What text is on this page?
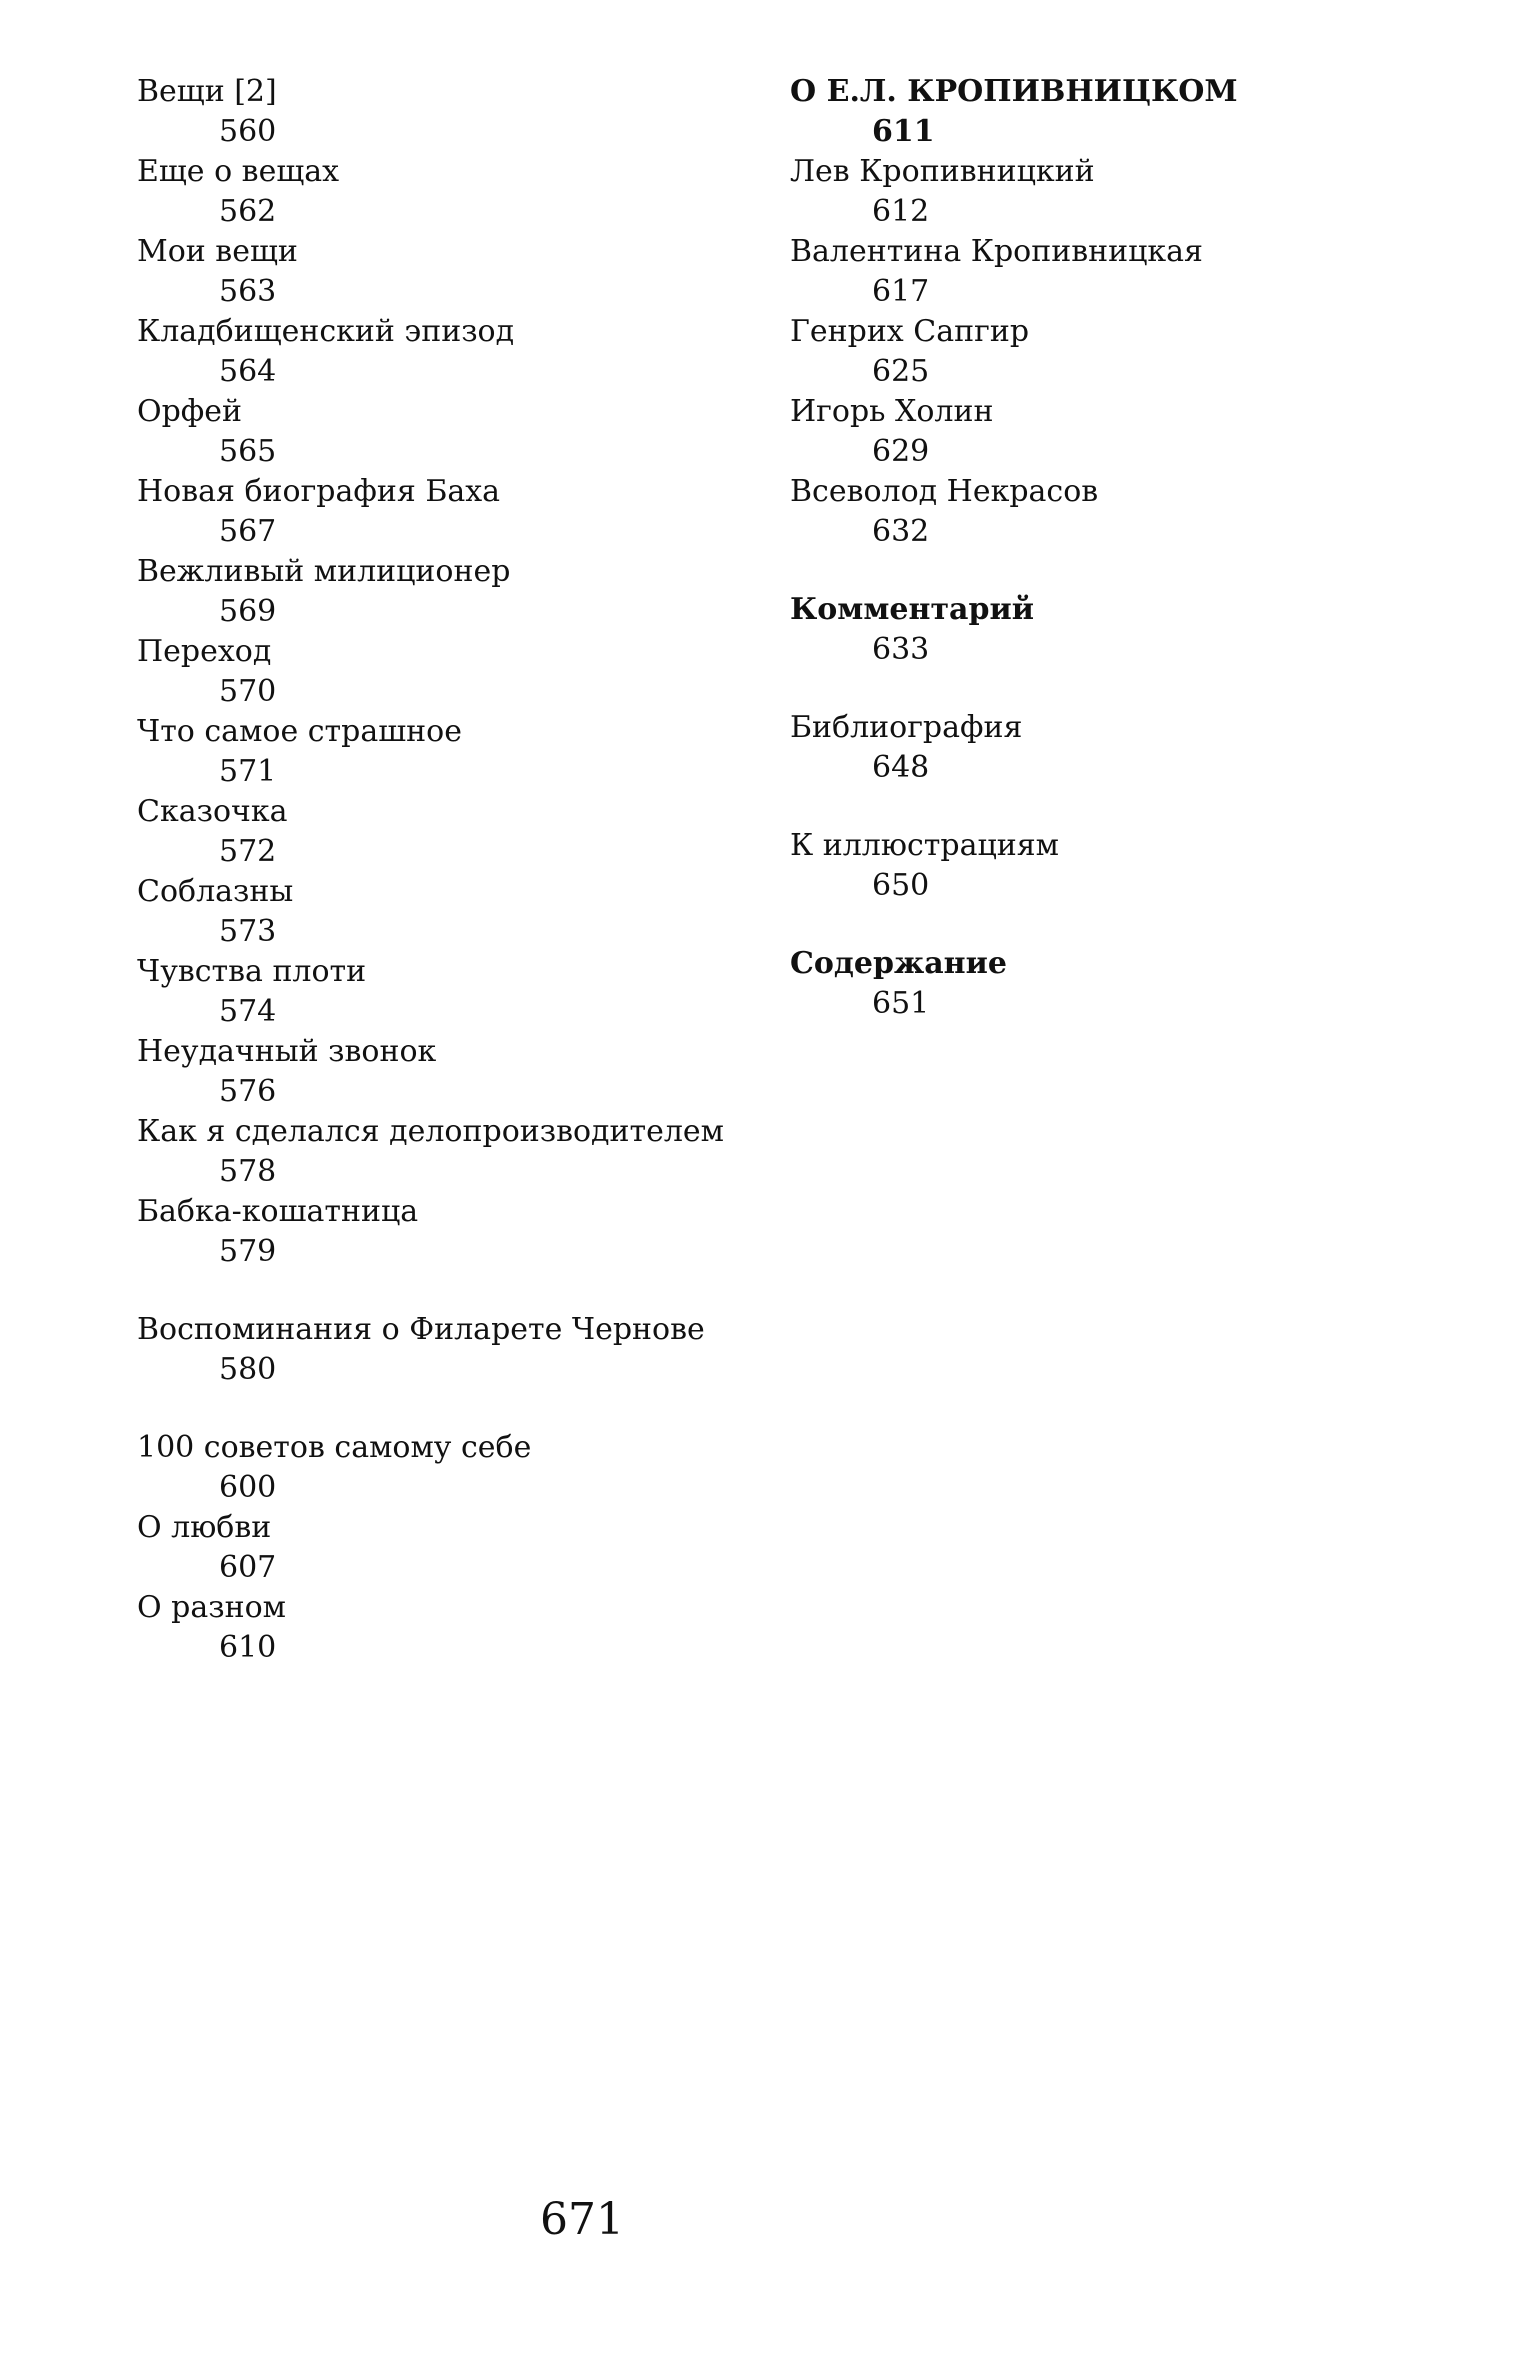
Вещи [2]
560
Еще о вещах
562
Мои вещи
563
Кладбищенский эпизод
564
Орфей
565
Новая биография Баха
567
Вежливый милиционер
569
Переход
570
Что самое страшное
571
Сказочка
572
Соблазны
573
Чувства плоти
574
Неудачный звонок
576
Как я сделался делопроизводителем
578
Бабка-кошатница
579
Воспоминания о Филарете Чернове
580
100 советов самому себе
600
О любви
607
О разном
610
О Е.Л. КРОПИВНИЦКОМ
611
Лев Кропивницкий
612
Валентина Кропивницкая
617
Генрих Сапгир
625
Игорь Холин
629
Всеволод Некрасов
632
Комментарий
633
Библиография
648
К иллюстрациям
650
Содержание
651
671
